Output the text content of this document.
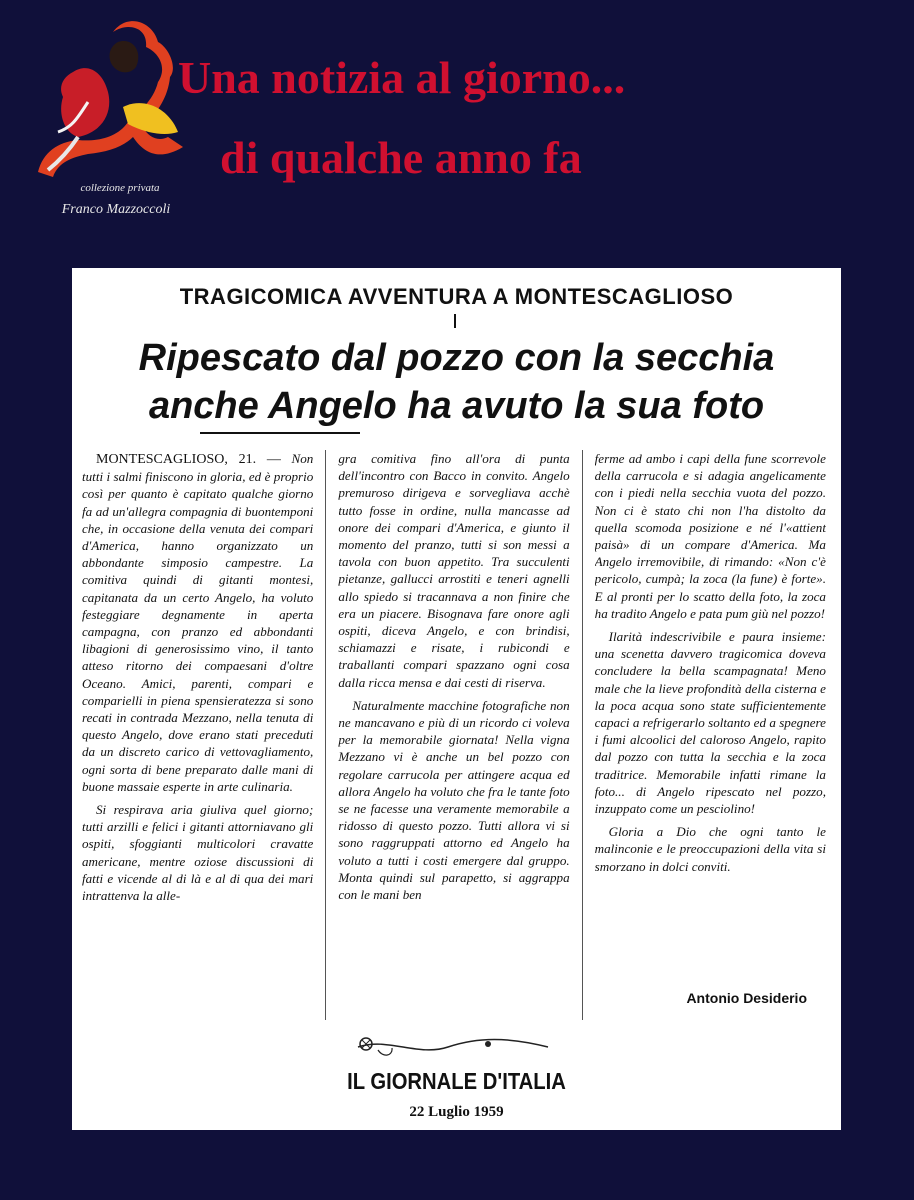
collezione privata
Franco Mazzoccoli
Una notizia al giorno...
di qualche anno fa
TRAGICOMICA AVVENTURA A MONTESCAGLIOSO
Ripescato dal pozzo con la secchia
anche Angelo ha avuto la sua foto

MONTESCAGLIOSO, 21. — Non tutti i salmi finiscono in gloria, ed è proprio così per quanto è capitato qualche giorno fa ad un'allegra compagnia di buontemponi che, in occasione della venuta dei compari d'America, hanno organizzato un abbondante simposio campestre. La comitiva quindi di gitanti montesi, capitanata da un certo Angelo, ha voluto festeggiare degnamente in aperta campagna, con pranzo ed abbondanti libagioni di generosissimo vino, il tanto atteso ritorno dei compaesani d'oltre Oceano. Amici, parenti, compari e comparielli in piena spensieratezza si sono recati in contrada Mezzano, nella tenuta di questo Angelo, dove erano stati preceduti da un discreto carico di vettovagliamento, ogni sorta di bene preparato dalle mani di buone massaie esperte in arte culinaria.

Si respirava aria giuliva quel giorno; tutti arzilli e felici i gitanti attorniavano gli ospiti, sfoggianti multicolori cravatte americane, mentre oziose discussioni di fatti e vicende al di là e al di qua dei mari intrattenva la alle-

gra comitiva fino all'ora di punta dell'incontro con Bacco in convito. Angelo premuroso dirigeva e sorvegliava acchè tutto fosse in ordine, nulla mancasse ad onore dei compari d'America, e giunto il momento del pranzo, tutti si son messi a tavola con buon appetito. Tra succulenti pietanze, gallucci arrostiti e teneri agnelli allo spiedo si tracannava a non finire che era un piacere. Bisognava fare onore agli ospiti, diceva Angelo, e con brindisi, schiamazzi e risate, i rubicondi e traballanti compari spazzano ogni cosa dalla ricca mensa e dai cesti di riserva.

Naturalmente macchine fotografiche non ne mancavano e più di un ricordo ci voleva per la memorabile giornata! Nella vigna Mezzano vi è anche un bel pozzo con regolare carrucola per attingere acqua ed allora Angelo ha voluto che fra le tante foto se ne facesse una veramente memorabile a ridosso di questo pozzo. Tutti allora vi si sono raggruppati attorno ed Angelo ha voluto a tutti i costi emergere dal gruppo. Monta quindi sul parapetto, si aggrappa con le mani ben

ferme ad ambo i capi della fune scorrevole della carrucola e si adagia angelicamente con i piedi nella secchia vuota del pozzo. Non ci è stato chi non l'ha distolto da quella scomoda posizione e né l'«attient paisà» di un compare d'America. Ma Angelo irremovibile, di rimando: «Non c'è pericolo, cumpà; la zoca (la fune) è forte». E al pronti per lo scatto della foto, la zoca ha tradito Angelo e pata pum giù nel pozzo!

Ilarità indescrivibile e paura insieme: una scenetta davvero tragicomica doveva concludere la bella scampagnata! Meno male che la lieve profondità della cisterna e la poca acqua sono state sufficientemente capaci a refrigerarlo soltanto ed a spegnere i fumi alcoolici del caloroso Angelo, rapito dal pozzo con tutta la secchia e la zoca traditrice. Memorabile infatti rimane la foto... di Angelo ripescato nel pozzo, inzuppato come un pesciolino!

Gloria a Dio che ogni tanto le malinconie e le preoccupazioni della vita si smorzano in dolci conviti.

Antonio Desiderio
IL GIORNALE D'ITALIA
22 Luglio 1959
